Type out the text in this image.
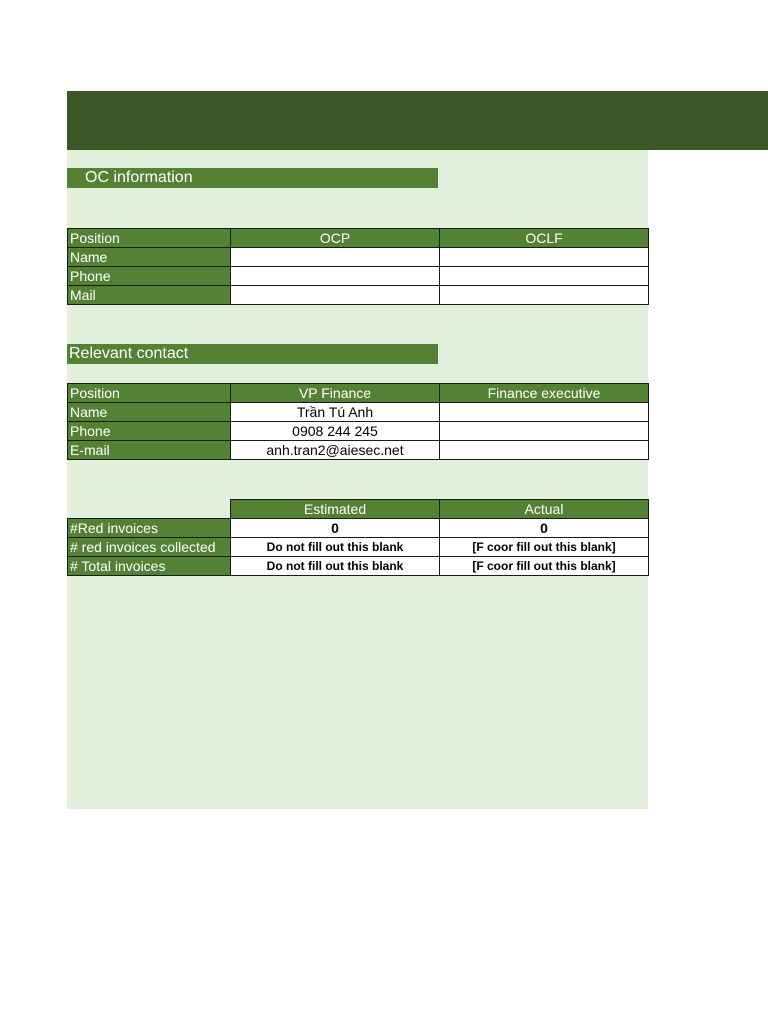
OC information
Position	OCP	OCLF
Name		
Phone		
Mail		
Relevant contact
Position	VP Finance	Finance executive
Name	Trần Tú Anh	
Phone	0908 244 245	
E-mail	anh.tran2@aiesec.net	
	Estimated	Actual
#Red invoices	0	0
# red invoices collected	Do not fill out this blank	[F coor fill out this blank]
# Total invoices	Do not fill out this blank	[F coor fill out this blank]
